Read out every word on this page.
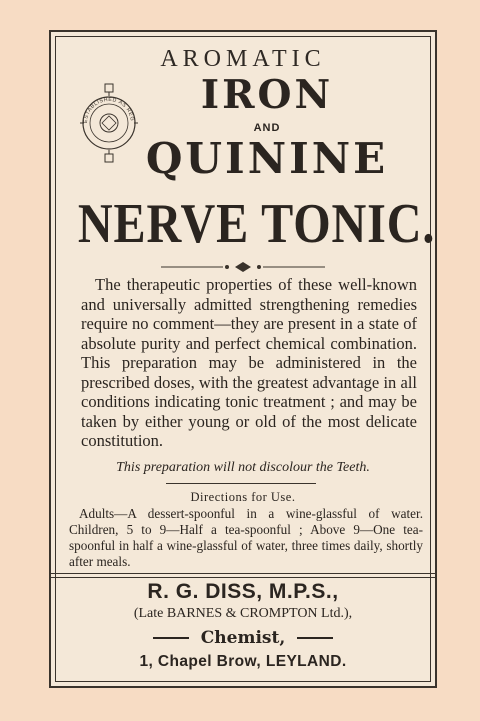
AROMATIC
ESTABLISHED AS REG
IRON
AND
QUININE
NERVE TONIC.
The therapeutic properties of these well-known and universally admitted strengthening remedies require no comment—they are present in a state of absolute purity and perfect chemical combination. This preparation may be administered in the prescribed doses, with the greatest advantage in all conditions indicating tonic treatment ; and may be taken by either young or old of the most delicate constitution.
This preparation will not discolour the Teeth.
Directions for Use.
Adults—A dessert-spoonful in a wine-glassful of water. Children, 5 to 9—Half a tea-spoonful ; Above 9—One tea-spoonful in half a wine-glassful of water, three times daily, shortly after meals.
R. G. DISS, M.P.S.,
(Late BARNES & CROMPTON Ltd.),
Chemist,
1, Chapel Brow, LEYLAND.
